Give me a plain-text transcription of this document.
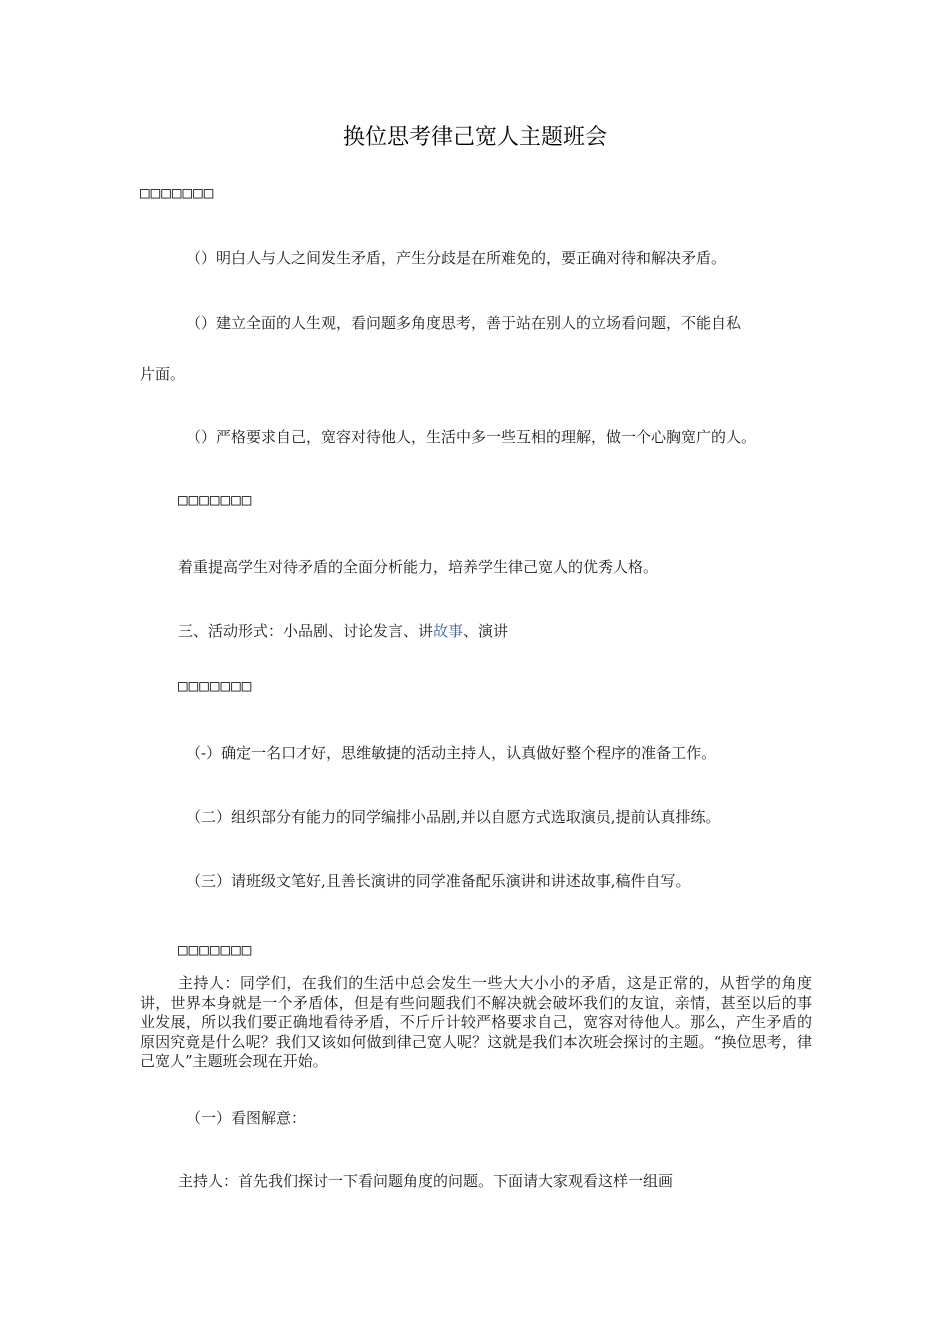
换位思考律己宽人主题班会
□□□□□□□
（）明白人与人之间发生矛盾，产生分歧是在所难免的，要正确对待和解决矛盾。
（）建立全面的人生观，看问题多角度思考，善于站在别人的立场看问题，不能自私
片面。
（）严格要求自己，宽容对待他人，生活中多一些互相的理解，做一个心胸宽广的人。
□□□□□□□
着重提高学生对待矛盾的全面分析能力，培养学生律己宽人的优秀人格。
三、活动形式：小品剧、讨论发言、讲故事、演讲
□□□□□□□
（-）确定一名口才好，思维敏捷的活动主持人，认真做好整个程序的准备工作。
（二）组织部分有能力的同学编排小品剧,并以自愿方式选取演员,提前认真排练。
（三）请班级文笔好,且善长演讲的同学准备配乐演讲和讲述故事,稿件自写。
□□□□□□□
主持人：同学们，在我们的生活中总会发生一些大大小小的矛盾，这是正常的，从哲学的角度讲，世界本身就是一个矛盾体，但是有些问题我们不解决就会破坏我们的友谊，亲情，甚至以后的事业发展，所以我们要正确地看待矛盾，不斤斤计较严格要求自己，宽容对待他人。那么，产生矛盾的原因究竟是什么呢？我们又该如何做到律己宽人呢？这就是我们本次班会探讨的主题。“换位思考，律己宽人”主题班会现在开始。
（一）看图解意：
主持人：首先我们探讨一下看问题角度的问题。下面请大家观看这样一组画
